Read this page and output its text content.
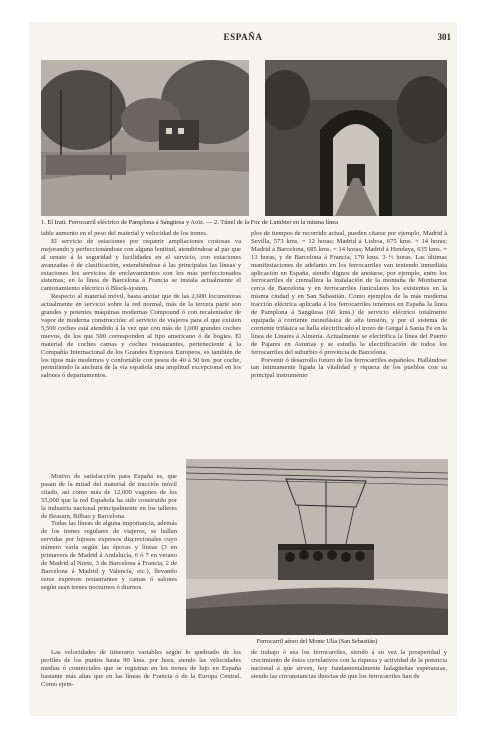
ESPAÑA	301
1. El Irati. Ferrocarril eléctrico de Pamplona á Sangüesa y Aoiz. — 2. Túnel de la Foz de Lumbier en la misma línea

table aumento en el peso del material y velocidad de los trenes.

El servicio de estaciones por requerir ampliaciones costosas va mejorando y perfeccionándose con alguna lentitud, atendiéndose al par que al ornato á la seguridad y facilidades en el servicio, con estaciones avanzadas ó de clasificación, extendiéndose á las principales las líneas y estaciones los servicios de enclavamientos con los más perfeccionados sistemas; en la línea de Barcelona á Francia se instala actualmente el cantonamiento eléctrico ó Block-system.

Respecto al material móvil, basta anotar que de las 2,600 locomotoras actualmente en servicio sobre la red normal, más de la tercera parte son grandes y potentes máquinas modernas Compound ó con recalentador de vapor de moderna construcción: el servicio de viajeros para el que existen 5,500 coches está atendido á la vez que con más de 1,000 grandes coches nuevos, de los que 500 corresponden al tipo americano ó de bogies. El material de coches camas y coches restaurantes, perteneciente á la Compañía Internacional de los Grandes Expresos Europeos, es también de los tipos más modernos y confortable con pesos de 40 á 50 ton. por coche, permitiendo la anchura de la vía española una amplitud excepcional en los salones ó departamentos.

Motivo de satisfacción para España es, que pasan de la mitad del material de tracción móvil citado, así como más de 12,000 vagones de los 55,000 que la red Española ha sido construido por la industria nacional principalmente en los talleres de Beasain, Bilbao y Barcelona.

Todas las líneas de alguna importancia, además de los trenes regulares de viajeros, se hallan servidas por lujosos expresos discrecionales cuyo número varía según las épocas y líneas (3 en primavera de Madrid á Andalucía, 6 ó 7 en verano de Madrid al Norte, 3 de Barcelona á Francia, 2 de Barcelona á Madrid y Valencia, etc.), llevando estos expresos restaurantes y camas ó salones según sean trenes nocturnos ó diurnos.

plos de tiempos de recorrido actual, pueden citarse por ejemplo, Madrid á Sevilla, 573 kms. = 12 horas; Madrid á Lisboa, 675 kms. = 14 horas; Madrid á Barcelona, 685 kms. = 14 horas; Madrid á Hendaya, 635 kms. = 13 horas, y de Barcelona á Francia, 170 kms. 3 ½ horas. Las últimas manifestaciones de adelanto en los ferrocarriles van teniendo inmediata aplicación en España, siendo dignos de anotarse, por ejemplo, entre los ferrocarriles de cremallera la instalación de la montaña de Montserrat cerca de Barcelona y en ferrocarriles funiculares los existentes en la misma ciudad y en San Sebastián. Como ejemplos de la más moderna tracción eléctrica aplicada á los ferrocarriles tenemos en España la línea de Pamplona á Sangüesa (60 kms.) de servicio eléctrico totalmente equipada á corriente monofásica de alta tensión, y por el sistema de corriente trifásica se halla electrificado el trozo de Gergal á Santa Fe en la línea de Linares á Almería. Actualmente se electrifica la línea del Puerto de Pajares en Asturias y se estudia la electrificación de todos los ferrocarriles del suburbio ó provincia de Barcelona.

Porvenir ó desarrollo futuro de los ferrocarriles españoles. Hallándose tan íntimamente ligada la vitalidad y riqueza de los pueblos con su principal instrumento

Ferrocarril aéreo del Monte Ulía (San Sebastián)

Las velocidades de itinerario variables según lo quebrado de los perfiles de los puntos hasta 90 kms. por hora, siendo las velocidades medias ó comerciales que se registran en los trenes de lujo en España bastante más altas que en las líneas de Francia ó de la Europa Central. Como ejem-

de trabajo ó sea los ferrocarriles, siendo á su vez la prosperidad y crecimiento de éstos correlativos con la riqueza y actividad de la potencia nacional á que sirven, hoy fundamentalmente halagüeñas esperanzas, siendo las circunstancias directas de que los ferrocarriles han de
